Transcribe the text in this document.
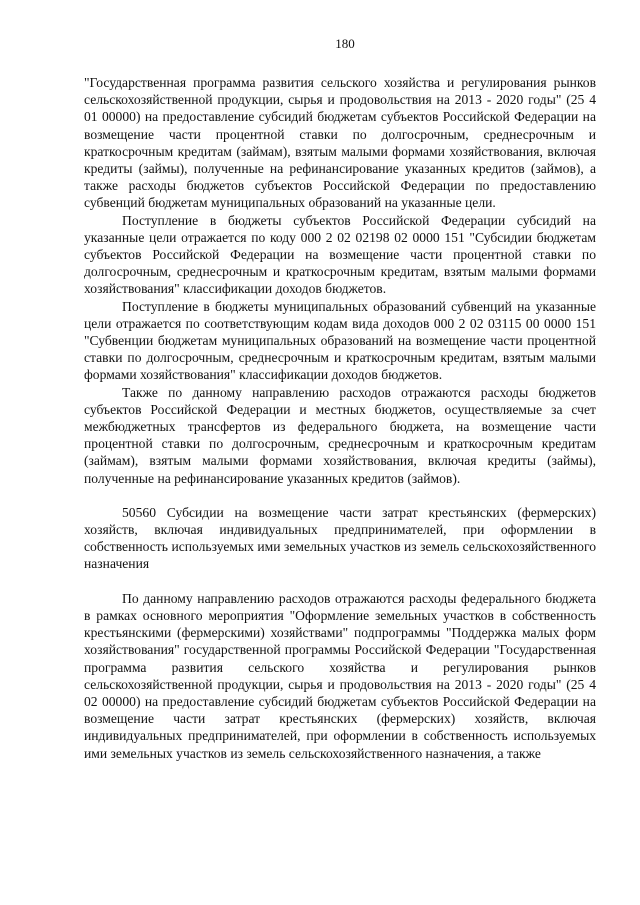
180

"Государственная программа развития сельского хозяйства и регулирования рынков сельскохозяйственной продукции, сырья и продовольствия на 2013 - 2020 годы" (25 4 01 00000) на предоставление субсидий бюджетам субъектов Российской Федерации на возмещение части процентной ставки по долгосрочным, среднесрочным и краткосрочным кредитам (займам), взятым малыми формами хозяйствования, включая кредиты (займы), полученные на рефинансирование указанных кредитов (займов), а также расходы бюджетов субъектов Российской Федерации по предоставлению субвенций бюджетам муниципальных образований на указанные цели.

Поступление в бюджеты субъектов Российской Федерации субсидий на указанные цели отражается по коду 000 2 02 02198 02 0000 151 "Субсидии бюджетам субъектов Российской Федерации на возмещение части процентной ставки по долгосрочным, среднесрочным и краткосрочным кредитам, взятым малыми формами хозяйствования" классификации доходов бюджетов.

Поступление в бюджеты муниципальных образований субвенций на указанные цели отражается по соответствующим кодам вида доходов 000 2 02 03115 00 0000 151 "Субвенции бюджетам муниципальных образований на возмещение части процентной ставки по долгосрочным, среднесрочным и краткосрочным кредитам, взятым малыми формами хозяйствования" классификации доходов бюджетов.

Также по данному направлению расходов отражаются расходы бюджетов субъектов Российской Федерации и местных бюджетов, осуществляемые за счет межбюджетных трансфертов из федерального бюджета, на возмещение части процентной ставки по долгосрочным, среднесрочным и краткосрочным кредитам (займам), взятым малыми формами хозяйствования, включая кредиты (займы), полученные на рефинансирование указанных кредитов (займов).

50560 Субсидии на возмещение части затрат крестьянских (фермерских) хозяйств, включая индивидуальных предпринимателей, при оформлении в собственность используемых ими земельных участков из земель сельскохозяйственного назначения

По данному направлению расходов отражаются расходы федерального бюджета в рамках основного мероприятия "Оформление земельных участков в собственность крестьянскими (фермерскими) хозяйствами" подпрограммы "Поддержка малых форм хозяйствования" государственной программы Российской Федерации "Государственная программа развития сельского хозяйства и регулирования рынков сельскохозяйственной продукции, сырья и продовольствия на 2013 - 2020 годы" (25 4 02 00000) на предоставление субсидий бюджетам субъектов Российской Федерации на возмещение части затрат крестьянских (фермерских) хозяйств, включая индивидуальных предпринимателей, при оформлении в собственность используемых ими земельных участков из земель сельскохозяйственного назначения, а также
